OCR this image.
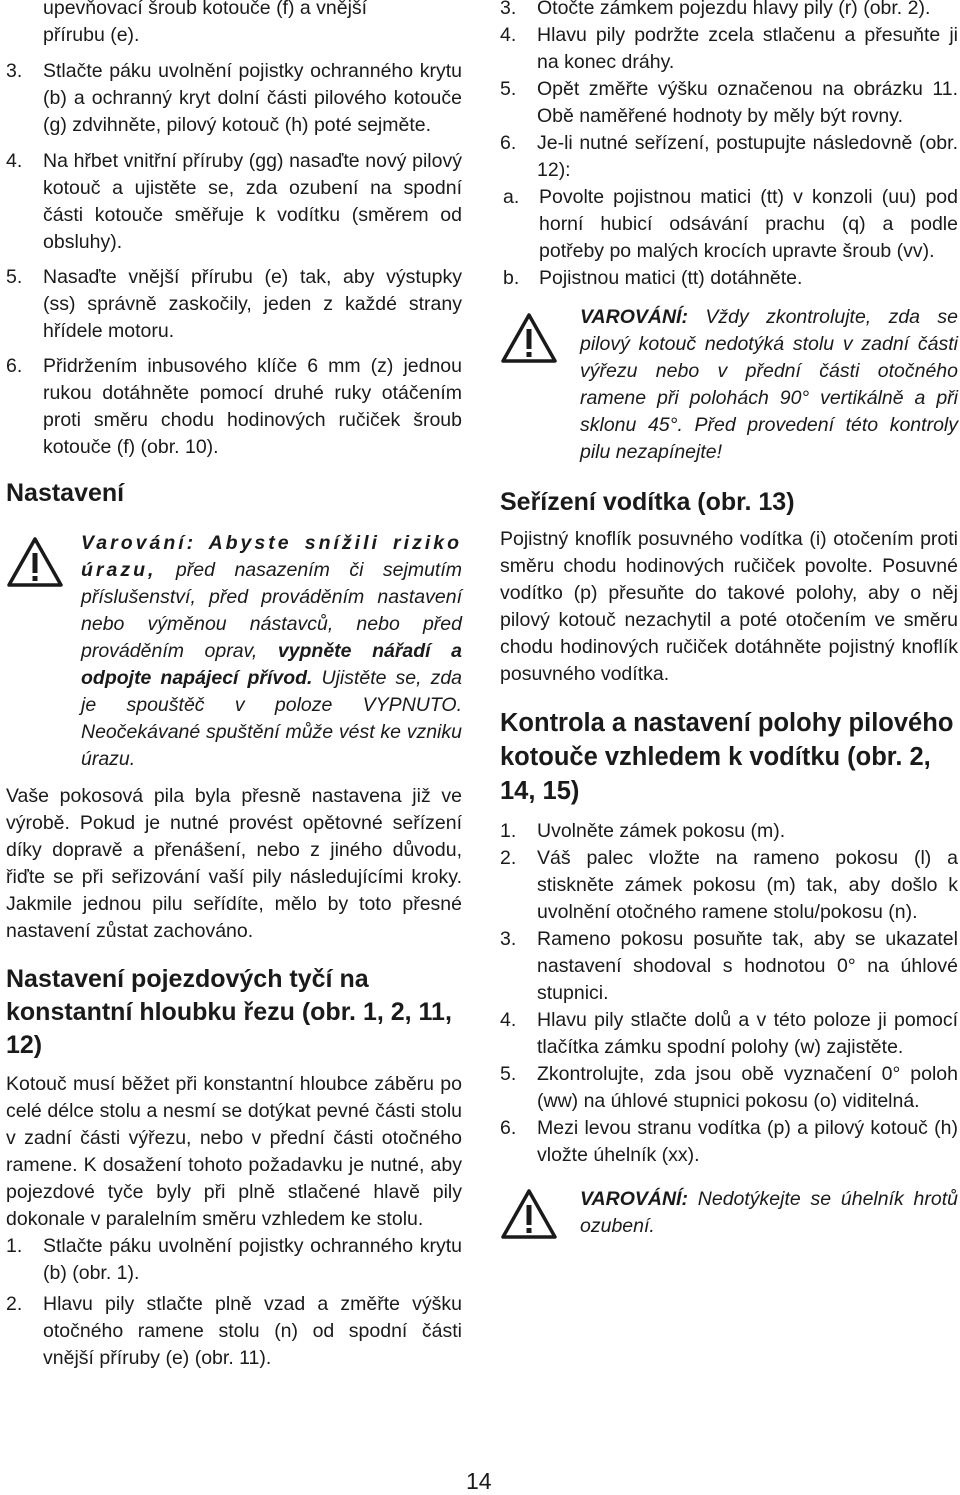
upevňovací šroub kotouče (f) a vnější
přírubu (e).
3. Stlačte páku uvolnění pojistky ochranného krytu (b) a ochranný kryt dolní části pilového kotouče (g) zdvihněte, pilový kotouč (h) poté sejměte.
4. Na hřbet vnitřní příruby (gg) nasaďte nový pilový kotouč a ujistěte se, zda ozubení na spodní části kotouče směřuje k vodítku (směrem od obsluhy).
5. Nasaďte vnější přírubu (e) tak, aby výstupky (ss) správně zaskočily, jeden z každé strany hřídele motoru.
6. Přidržením inbusového klíče 6 mm (z) jednou rukou dotáhněte pomocí druhé ruky otáčením proti směru chodu hodinových ručiček šroub kotouče (f) (obr. 10).
Nastavení
Varování: Abyste snížili riziko úrazu, před nasazením či sejmutím příslušenství, před prováděním nastavení nebo výměnou nástavců, nebo před prováděním oprav, vypněte nářadí a odpojte napájecí přívod. Ujistěte se, zda je spouštěč v poloze VYPNUTO. Neočekávané spuštění může vést ke vzniku úrazu.

Vaše pokosová pila byla přesně nastavena již ve výrobě. Pokud je nutné provést opětovné seřízení díky dopravě a přenášení, nebo z jiného důvodu, řiďte se při seřizování vaší pily následujícími kroky. Jakmile jednou pilu seřídíte, mělo by toto přesné nastavení zůstat zachováno.

Nastavení pojezdových tyčí na konstantní hloubku řezu (obr. 1, 2, 11, 12)

Kotouč musí běžet při konstantní hloubce záběru po celé délce stolu a nesmí se dotýkat pevné části stolu v zadní části výřezu, nebo v přední části otočného ramene. K dosažení tohoto požadavku je nutné, aby pojezdové tyče byly při plně stlačené hlavě pily dokonale v paralelním směru vzhledem ke stolu.

1. Stlačte páku uvolnění pojistky ochranného krytu (b) (obr. 1).
2. Hlavu pily stlačte plně vzad a změřte výšku otočného ramene stolu (n) od spodní části vnější příruby (e) (obr. 11).
3. Otočte zámkem pojezdu hlavy pily (r) (obr. 2).
4. Hlavu pily podržte zcela stlačenu a přesuňte ji na konec dráhy.
5. Opět změřte výšku označenou na obrázku 11. Obě naměřené hodnoty by měly být rovny.
6. Je-li nutné seřízení, postupujte následovně (obr. 12):
a. Povolte pojistnou matici (tt) v konzoli (uu) pod horní hubicí odsávání prachu (q) a podle potřeby po malých krocích upravte šroub (vv).
b. Pojistnou matici (tt) dotáhněte.
VAROVÁNÍ: Vždy zkontrolujte, zda se pilový kotouč nedotýká stolu v zadní části výřezu nebo v přední části otočného ramene při polohách 90° vertikálně a při sklonu 45°. Před provedení této kontroly pilu nezapínejte!
Seřízení vodítka (obr. 13)

Pojistný knoflík posuvného vodítka (i) otočením proti směru chodu hodinových ručiček povolte. Posuvné vodítko (p) přesuňte do takové polohy, aby o něj pilový kotouč nezachytil a poté otočením ve směru chodu hodinových ručiček dotáhněte pojistný knoflík posuvného vodítka.

Kontrola a nastavení polohy pilového kotouče vzhledem k vodítku (obr. 2, 14, 15)
1. Uvolněte zámek pokosu (m).
2. Váš palec vložte na rameno pokosu (l) a stiskněte zámek pokosu (m) tak, aby došlo k uvolnění otočného ramene stolu/pokosu (n).
3. Rameno pokosu posuňte tak, aby se ukazatel nastavení shodoval s hodnotou 0° na úhlové stupnici.
4. Hlavu pily stlačte dolů a v této poloze ji pomocí tlačítka zámku spodní polohy (w) zajistěte.
5. Zkontrolujte, zda jsou obě vyznačení 0° poloh (ww) na úhlové stupnici pokosu (o) viditelná.
6. Mezi levou stranu vodítka (p) a pilový kotouč (h) vložte úhelník (xx).
VAROVÁNÍ: Nedotýkejte se úhelník hrotů ozubení.
14
